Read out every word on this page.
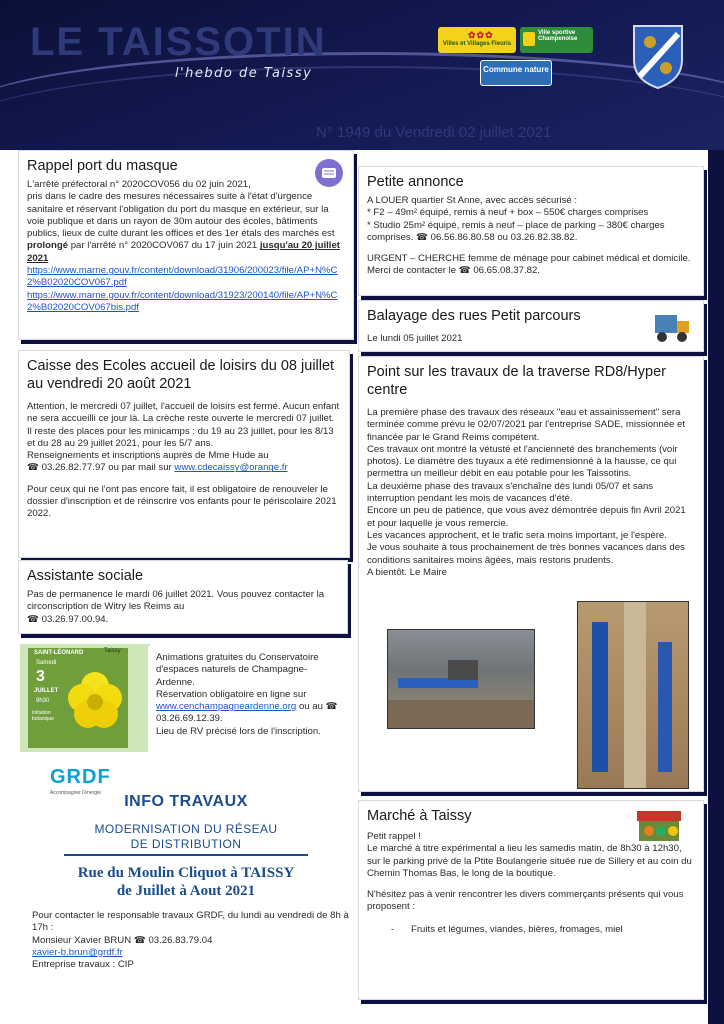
LE TAISSOTIN
l'hebdo de Taissy
N° 1949 du Vendredi 02 juillet 2021
✿✿✿
Villes et Villages Fleuris
Ville sportive Champenoise
Commune nature
Rappel port du masque

L'arrêté préfectoral n° 2020COV056 du 02 juin 2021,

pris dans le cadre des mesures nécessaires suite à l'état d'urgence sanitaire et réservant l'obligation du port du masque en extérieur, sur la voie publique et dans un rayon de 30m autour des écoles, bâtiments publics, lieux de culte durant les offices et des 1er étals des marchés est prolongé par l'arrêté n° 2020COV067 du 17 juin 2021 jusqu'au 20 juillet 2021

https://www.marne.gouv.fr/content/download/31906/200023/file/AP+N%C2%B02020COV067.pdf

https://www.marne.gouv.fr/content/download/31923/200140/file/AP+N%C2%B02020COV067bis.pdf

Caisse des Ecoles accueil de loisirs du 08 juillet au vendredi 20 août 2021

Attention, le mercredi 07 juillet, l'accueil de loisirs est fermé. Aucun enfant ne sera accueilli ce jour là. La crèche reste ouverte le mercredi 07 juillet.

Il reste des places pour les minicamps : du 19 au 23 juillet, pour les 8/13 et du 28 au 29 juillet 2021, pour les 5/7 ans.

Renseignements et inscriptions auprès de Mme Hude au

☎ 03.26.82.77.97 ou par mail sur www.cdecaissy@orange.fr

Pour ceux qui ne l'ont pas encore fait, il est obligatoire de renouveler le dossier d'inscription et de réinscrire vos enfants pour le périscolaire 2021 2022.

Assistante sociale

Pas de permanence le mardi 06 juillet 2021. Vous pouvez contacter la circonscription de Witry les Reims au

☎ 03.26.97.00.94.

SAINT-LÉONARD
Samedi
3
JUILLET
9h30
Initiation botanique
Taissy

Animations gratuites du Conservatoire d'espaces naturels de Champagne-Ardenne.

Réservation obligatoire en ligne sur

www.cenchampagneardenne.org ou au ☎ 03.26.69.12.39.

Lieu de RV précisé lors de l'inscription.

GRDF
Accompagner l'énergie	INFO TRAVAUX
MODERNISATION DU RÉSEAU
DE DISTRIBUTION
Rue du Moulin Cliquot à TAISSY
de Juillet à Aout 2021

Pour contacter le responsable travaux GRDF, du lundi au vendredi de 8h à 17h :

Monsieur Xavier BRUN ☎ 03.26.83.79.04

xavier-b.brun@grdf.fr

Entreprise travaux : CIP

Petite annonce

A LOUER quartier St Anne, avec accès sécurisé :

* F2 – 49m² équipé, remis à neuf + box – 550€ charges comprises

* Studio 25m² équipé, remis à neuf – place de parking – 380€ charges comprises. ☎ 06.56.86.80.58 ou 03.26.82.38.82.

URGENT – CHERCHE femme de ménage pour cabinet médical et domicile. Merci de contacter le ☎ 06.65.08.37.82.

Balayage des rues Petit parcours
Le lundi 05 juillet 2021
Point sur les travaux de la traverse RD8/Hyper centre

La première phase des travaux des réseaux "eau et assainissement" sera terminée comme prévu le 02/07/2021 par l'entreprise SADE, missionnée et financée par le Grand Reims compétent.

Ces travaux ont montré la vétusté et l'ancienneté des branchements (voir photos). Le diamètre des tuyaux a été redimensionné à la hausse, ce qui permettra un meilleur débit en eau potable pour les Taissotins.

La deuxième phase des travaux s'enchaîne dès lundi 05/07 et sans interruption pendant les mois de vacances d'été.

Encore un peu de patience, que vous avez démontrée depuis fin Avril 2021 et pour laquelle je vous remercie.

Les vacances approchent, et le trafic sera moins important, je l'espère.

Je vous souhaite à tous prochainement de très bonnes vacances dans des conditions sanitaires moins âgées, mais restons prudents.

A bientôt. Le Maire

Marché à Taissy

Petit rappel !

Le marché à titre expérimental a lieu les samedis matin, de 8h30 à 12h30, sur le parking privé de la Ptite Boulangerie située rue de Sillery et au coin du Chemin Thomas Bas, le long de la boutique.

N'hésitez pas à venir rencontrer les divers commerçants présents qui vous proposent :

- Fruits et légumes, viandes, bières, fromages, miel
